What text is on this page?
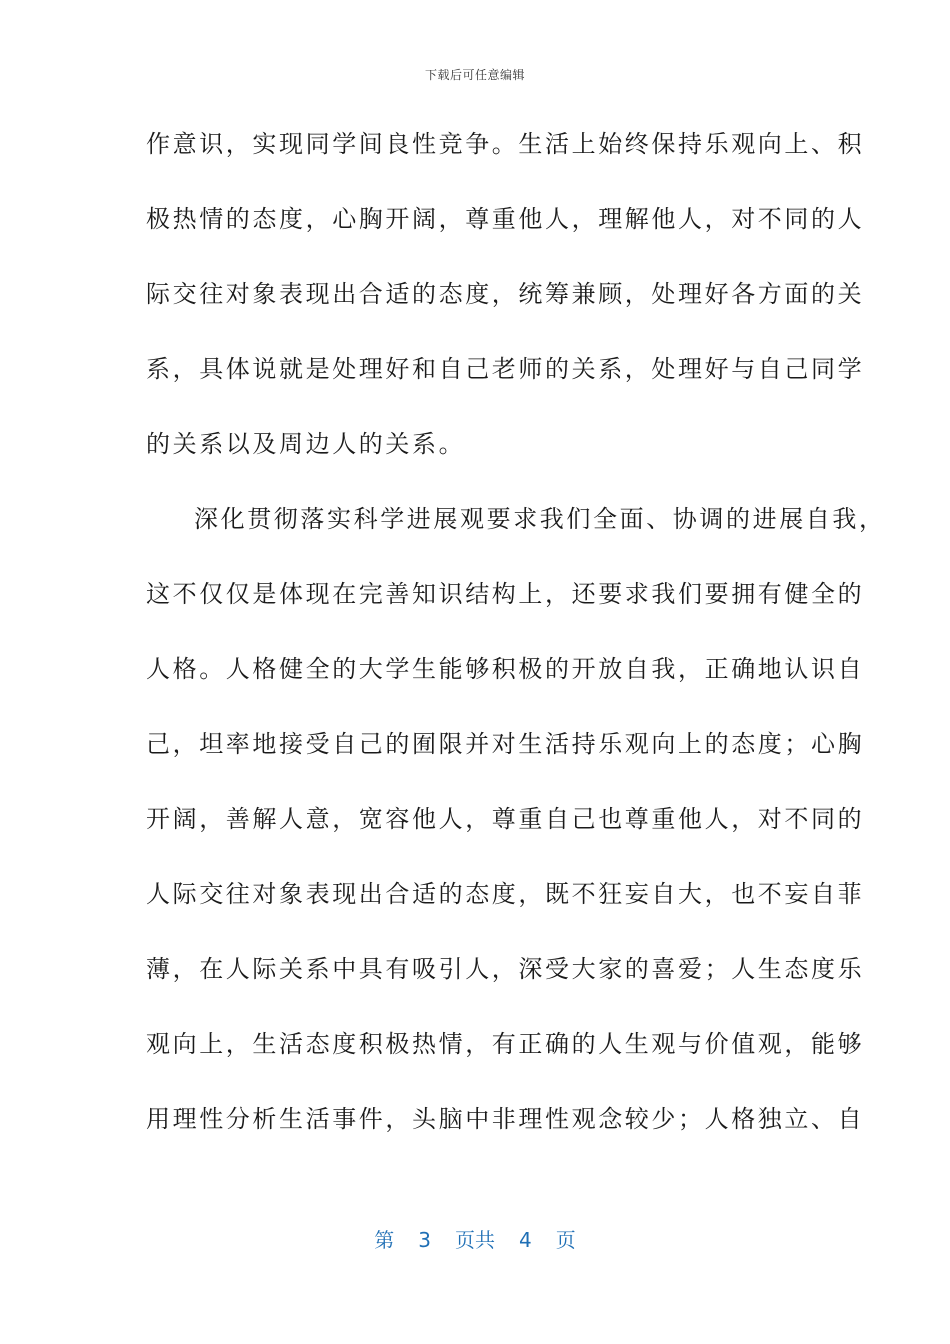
下载后可任意编辑
作意识，实现同学间良性竞争。生活上始终保持乐观向上、积
极热情的态度，心胸开阔，尊重他人，理解他人，对不同的人
际交往对象表现出合适的态度，统筹兼顾，处理好各方面的关
系，具体说就是处理好和自己老师的关系，处理好与自己同学
的关系以及周边人的关系。
深化贯彻落实科学进展观要求我们全面、协调的进展自我，
这不仅仅是体现在完善知识结构上，还要求我们要拥有健全的
人格。人格健全的大学生能够积极的开放自我，正确地认识自
己，坦率地接受自己的囿限并对生活持乐观向上的态度；心胸
开阔，善解人意，宽容他人，尊重自己也尊重他人，对不同的
人际交往对象表现出合适的态度，既不狂妄自大，也不妄自菲
薄，在人际关系中具有吸引人，深受大家的喜爱；人生态度乐
观向上，生活态度积极热情，有正确的人生观与价值观，能够
用理性分析生活事件，头脑中非理性观念较少；人格独立、自
第 3 页共 4 页
